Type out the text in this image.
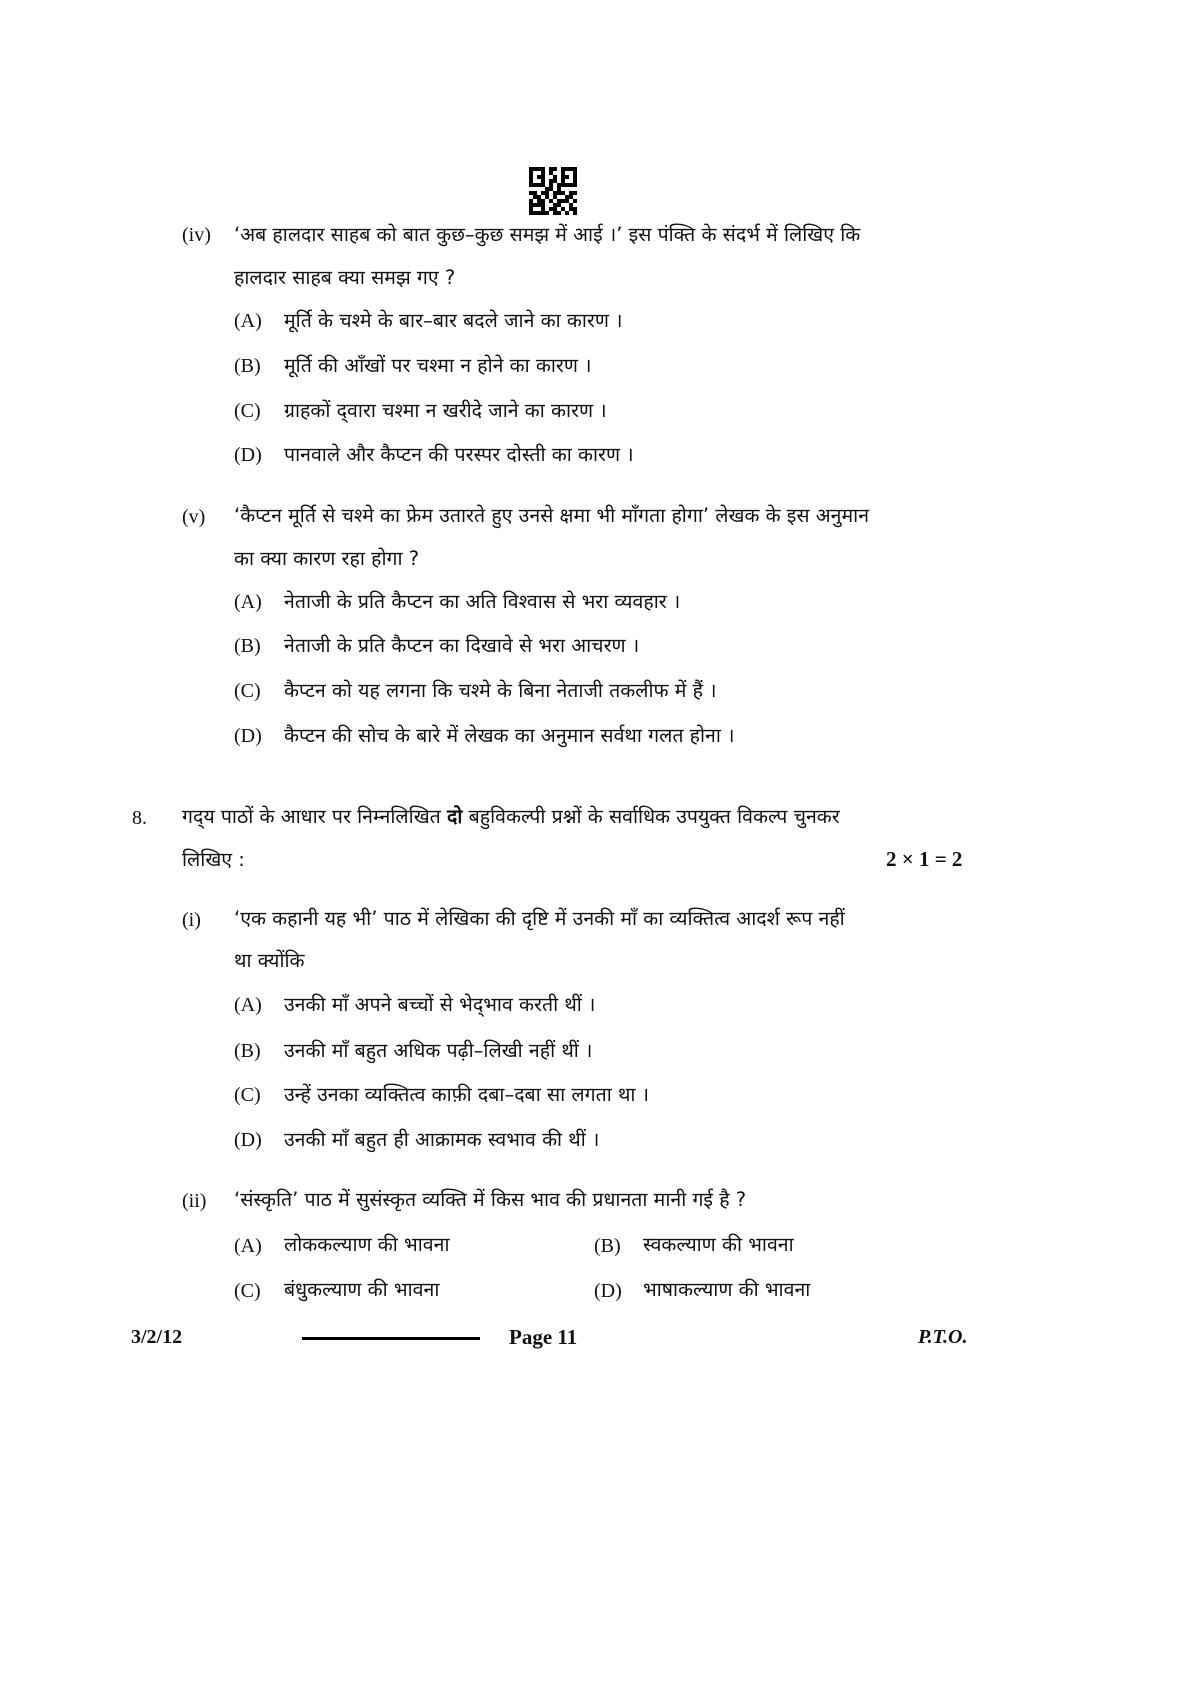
(iv) ‘अब हालदार साहब को बात कुछ–कुछ समझ में आई ।’ इस पंक्ति के संदर्भ में लिखिए कि
हालदार साहब क्या समझ गए ?
(A) मूर्ति के चश्मे के बार–बार बदले जाने का कारण ।
(B) मूर्ति की आँखों पर चश्मा न होने का कारण ।
(C) ग्राहकों द्‌वारा चश्मा न खरीदे जाने का कारण ।
(D) पानवाले और कैप्टन की परस्पर दोस्ती का कारण ।
(v) ‘कैप्टन मूर्ति से चश्मे का फ्रेम उतारते हुए उनसे क्षमा भी माँगता होगा’ लेखक के इस अनुमान
का क्या कारण रहा होगा ?
(A) नेताजी के प्रति कैप्टन का अति विश्वास से भरा व्यवहार ।
(B) नेताजी के प्रति कैप्टन का दिखावे से भरा आचरण ।
(C) कैप्टन को यह लगना कि चश्मे के बिना नेताजी तकलीफ में हैं ।
(D) कैप्टन की सोच के बारे में लेखक का अनुमान सर्वथा गलत होना ।
8. गद्‌य पाठों के आधार पर निम्नलिखित दो बहुविकल्पी प्रश्नों के सर्वाधिक उपयुक्त विकल्प चुनकर
लिखिए :	2 × 1 = 2
(i) ‘एक कहानी यह भी’ पाठ में लेखिका की दृष्टि में उनकी माँ का व्यक्तित्व आदर्श रूप नहीं
था क्योंकि
(A) उनकी माँ अपने बच्चों से भेद्‌भाव करती थीं ।
(B) उनकी माँ बहुत अधिक पढ़ी–लिखी नहीं थीं ।
(C) उन्हें उनका व्यक्तित्व काफ़ी दबा–दबा सा लगता था ।
(D) उनकी माँ बहुत ही आक्रामक स्वभाव की थीं ।
(ii) ‘संस्कृति’ पाठ में सुसंस्कृत व्यक्ति में किस भाव की प्रधानता मानी गई है ?
(A) लोककल्याण की भावना	(B) स्वकल्याण की भावना
(C) बंधुकल्याण की भावना	(D) भाषाकल्याण की भावना
3/2/12	Page 11	P.T.O.
